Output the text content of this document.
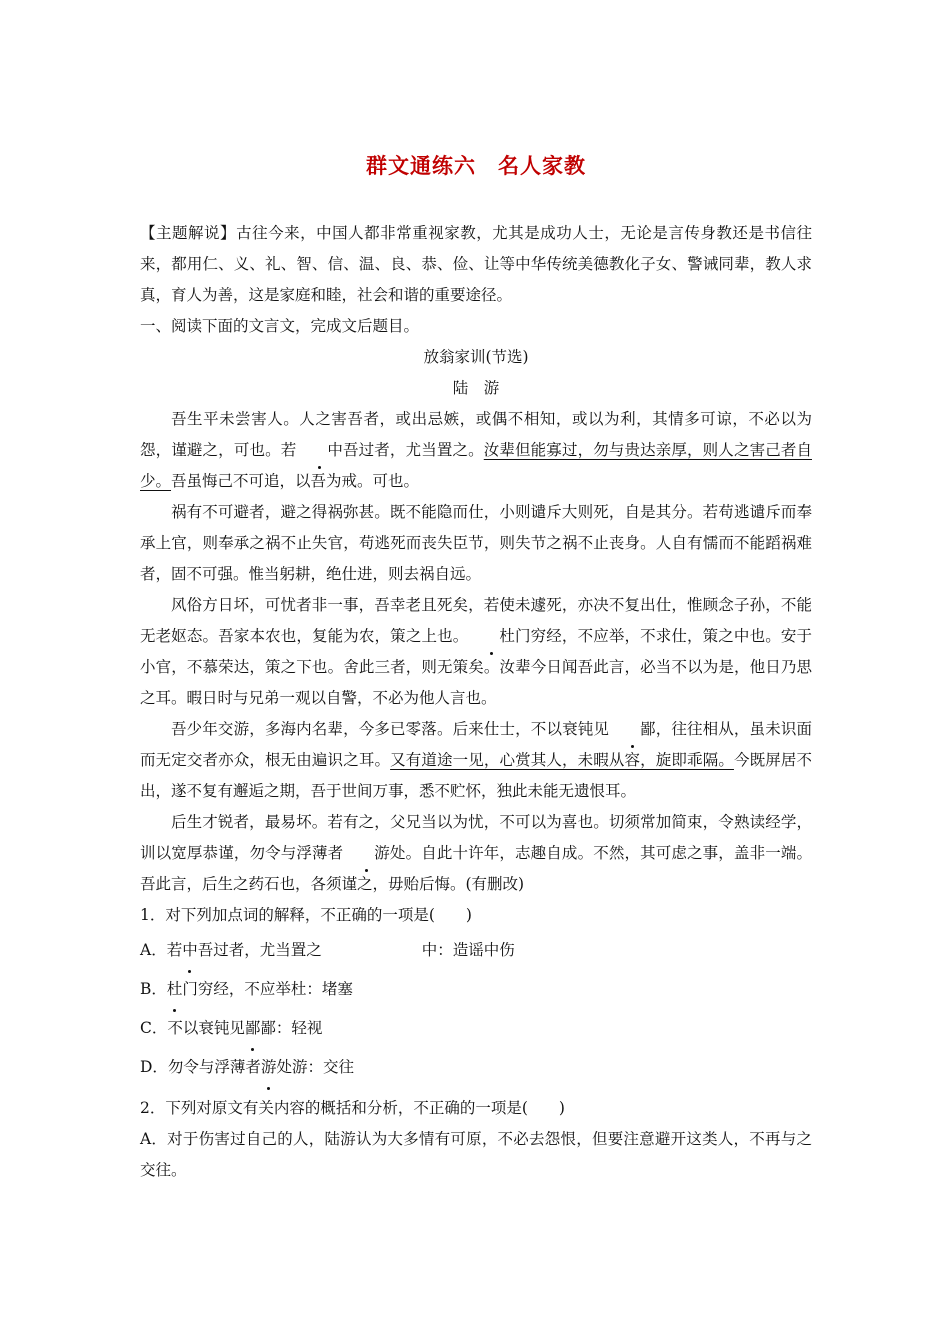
群文通练六　名人家教

【主题解说】古往今来，中国人都非常重视家教，尤其是成功人士，无论是言传身教还是书信往来，都用仁、义、礼、智、信、温、良、恭、俭、让等中华传统美德教化子女、警诫同辈，教人求真，育人为善，这是家庭和睦，社会和谐的重要途径。

一、阅读下面的文言文，完成文后题目。

放翁家训(节选)

陆　游

吾生平未尝害人。人之害吾者，或出忌嫉，或偶不相知，或以为利，其情多可谅，不必以为怨，谨避之，可也。若 中吾过者，尤当置之。汝辈但能寡过，勿与贵达亲厚，则人之害己者自少。吾虽悔己不可追，以吾为戒。可也。

祸有不可避者，避之得祸弥甚。既不能隐而仕，小则谴斥大则死，自是其分。若苟逃谴斥而奉承上官，则奉承之祸不止失官，苟逃死而丧失臣节，则失节之祸不止丧身。人自有懦而不能蹈祸难者，固不可强。惟当躬耕，绝仕进，则去祸自远。

风俗方日坏，可忧者非一事，吾幸老且死矣，若使未遽死，亦决不复出仕，惟顾念子孙，不能无老妪态。吾家本农也，复能为农，策之上也。 杜门穷经，不应举，不求仕，策之中也。安于小官，不慕荣达，策之下也。舍此三者，则无策矣。汝辈今日闻吾此言，必当不以为是，他日乃思之耳。暇日时与兄弟一观以自警，不必为他人言也。

吾少年交游，多海内名辈，今多已零落。后来仕士，不以衰钝见 鄙，往往相从，虽未识面而无定交者亦众，根无由遍识之耳。又有道途一见，心赏其人，未暇从容，旋即乖隔。今既屏居不出，遂不复有邂逅之期，吾于世间万事，悉不贮怀，独此未能无遗恨耳。

后生才锐者，最易坏。若有之，父兄当以为忧，不可以为喜也。切须常加简束，令熟读经学，训以宽厚恭谨，勿令与浮薄者 游处。自此十许年，志趣自成。不然，其可虑之事，盖非一端。吾此言，后生之药石也，各须谨之，毋贻后悔。(有删改)

1．对下列加点词的解释，不正确的一项是(　　)

A．若中吾过者，尤当置之	中：造谣中伤

B．杜门穷经，不应举杜：堵塞

C．不以衰钝见鄙鄙：轻视

D．勿令与浮薄者游处游：交往

2．下列对原文有关内容的概括和分析，不正确的一项是(　　)

A．对于伤害过自己的人，陆游认为大多情有可原，不必去怨恨，但要注意避开这类人，不再与之交往。
